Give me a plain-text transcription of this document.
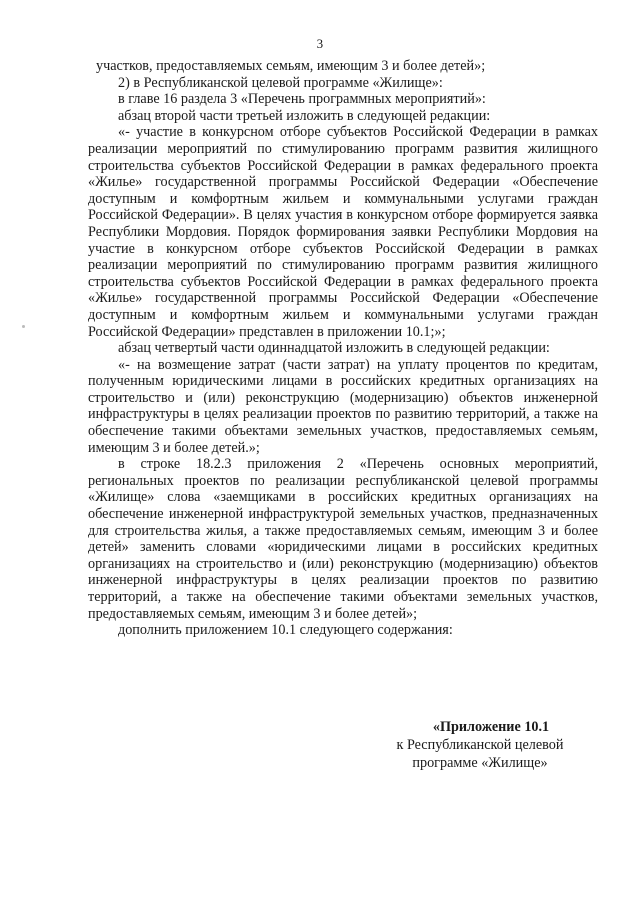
3

участков, предоставляемых семьям, имеющим 3 и более детей»;

2) в Республиканской целевой программе «Жилище»:

в главе 16 раздела 3 «Перечень программных мероприятий»:

абзац второй части третьей изложить в следующей редакции:

«- участие в конкурсном отборе субъектов Российской Федерации в рамках реализации мероприятий по стимулированию программ развития жилищного строительства субъектов Российской Федерации в рамках федерального проекта «Жилье» государственной программы Российской Федерации «Обеспечение доступным и комфортным жильем и коммунальными услугами граждан Российской Федерации». В целях участия в конкурсном отборе формируется заявка Республики Мордовия. Порядок формирования заявки Республики Мордовия на участие в конкурсном отборе субъектов Российской Федерации в рамках реализации мероприятий по стимулированию программ развития жилищного строительства субъектов Российской Федерации в рамках федерального проекта «Жилье» государственной программы Российской Федерации «Обеспечение доступным и комфортным жильем и коммунальными услугами граждан Российской Федерации» представлен в приложении 10.1;»;

абзац четвертый части одиннадцатой изложить в следующей редакции:

«- на возмещение затрат (части затрат) на уплату процентов по кредитам, полученным юридическими лицами в российских кредитных организациях на строительство и (или) реконструкцию (модернизацию) объектов инженерной инфраструктуры в целях реализации проектов по развитию территорий, а также на обеспечение такими объектами земельных участков, предоставляемых семьям, имеющим 3 и более детей.»;

в строке 18.2.3 приложения 2 «Перечень основных мероприятий, региональных проектов по реализации республиканской целевой программы «Жилище» слова «заемщиками в российских кредитных организациях на обеспечение инженерной инфраструктурой земельных участков, предназначенных для строительства жилья, а также предоставляемых семьям, имеющим 3 и более детей» заменить словами «юридическими лицами в российских кредитных организациях на строительство и (или) реконструкцию (модернизацию) объектов инженерной инфраструктуры в целях реализации проектов по развитию территорий, а также на обеспечение такими объектами земельных участков, предоставляемых семьям, имеющим 3 и более детей»;

дополнить приложением 10.1 следующего содержания:

«Приложение 10.1
к Республиканской целевой
программе «Жилище»
